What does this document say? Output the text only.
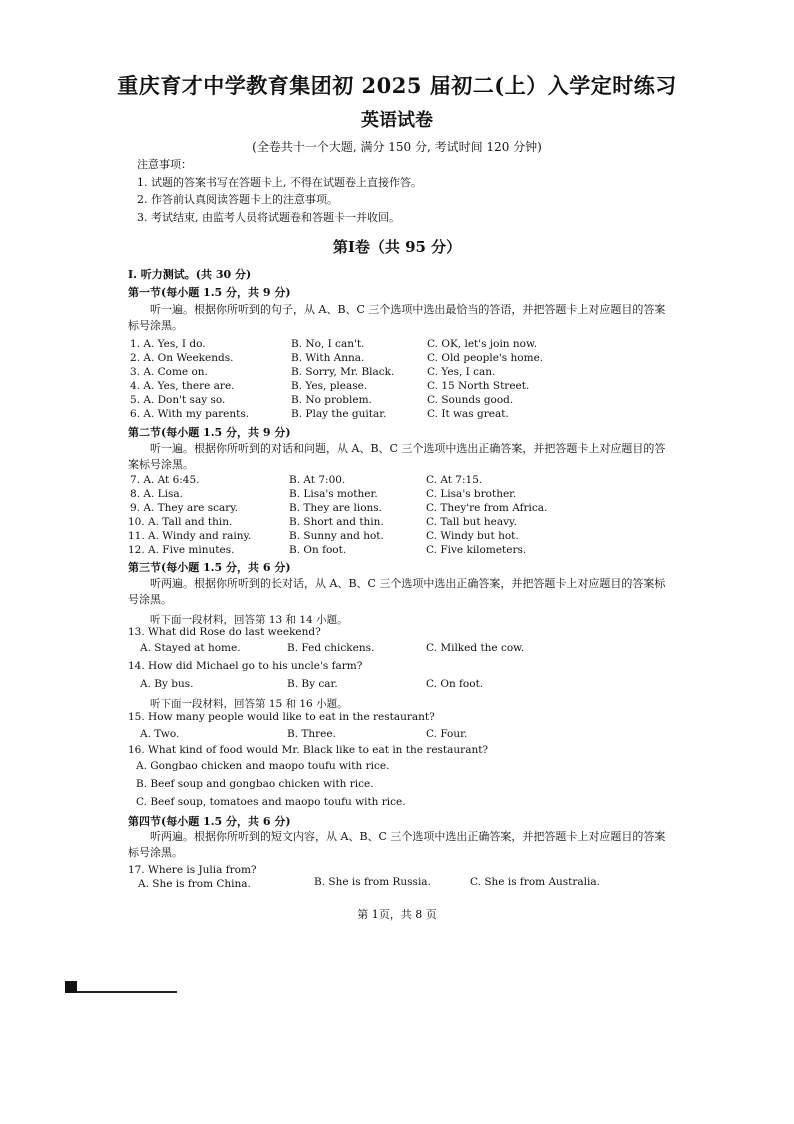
重庆育才中学教育集团初 2025 届初二(上）入学定时练习
英语试卷
(全卷共十一个大题, 满分 150 分, 考试时间 120 分钟)
注意事项：
1. 试题的答案书写在答题卡上, 不得在试题卷上直接作答。
2. 作答前认真阅读答题卡上的注意事项。
3. 考试结束, 由监考人员将试题卷和答题卡一并收回。
第Ⅰ卷（共 95 分）
I. 听力测试。(共 30 分)
第一节(每小题 1.5 分，共 9 分)
听一遍。根据你所听到的句子，从 A、B、C 三个选项中选出最恰当的答语，并把答题卡上对应题目的答案标号涂黑。
1. A. Yes, I do.	B. No, I can't.	C. OK, let's join now.
2. A. On Weekends.	B. With Anna.	C. Old people's home.
3. A. Come on.	B. Sorry, Mr. Black.	C. Yes, I can.
4. A. Yes, there are.	B. Yes, please.	C. 15 North Street.
5. A. Don't say so.	B. No problem.	C. Sounds good.
6. A. With my parents.	B. Play the guitar.	C. It was great.
第二节(每小题 1.5 分，共 9 分)
听一遍。根据你所听到的对话和问题，从 A、B、C 三个选项中选出正确答案，并把答题卡上对应题目的答案标号涂黑。
7. A. At 6:45.	B. At 7:00.	C. At 7:15.
8. A. Lisa.	B. Lisa's mother.	C. Lisa's brother.
9. A. They are scary.	B. They are lions.	C. They're from Africa.
10. A. Tall and thin.	B. Short and thin.	C. Tall but heavy.
11. A. Windy and rainy.	B. Sunny and hot.	C. Windy but hot.
12. A. Five minutes.	B. On foot.	C. Five kilometers.
第三节(每小题 1.5 分，共 6 分)
听两遍。根据你所听到的长对话，从 A、B、C 三个选项中选出正确答案，并把答题卡上对应题目的答案标号涂黑。
听下面一段材料，回答第 13 和 14 小题。
13. What did Rose do last weekend?
A. Stayed at home.	B. Fed chickens.	C. Milked the cow.
14. How did Michael go to his uncle's farm?
A. By bus.	B. By car.	C. On foot.
听下面一段材料，回答第 15 和 16 小题。
15. How many people would like to eat in the restaurant?
A. Two.	B. Three.	C. Four.
16. What kind of food would Mr. Black like to eat in the restaurant?
A. Gongbao chicken and maopo toufu with rice.
B. Beef soup and gongbao chicken with rice.
C. Beef soup, tomatoes and maopo toufu with rice.
第四节(每小题 1.5 分，共 6 分)
听两遍。根据你所听到的短文内容，从 A、B、C 三个选项中选出正确答案，并把答题卡上对应题目的答案标号涂黑。
17. Where is Julia from?
A. She is from China.	B. She is from Russia.	C. She is from Australia.
第 1页，共 8 页
